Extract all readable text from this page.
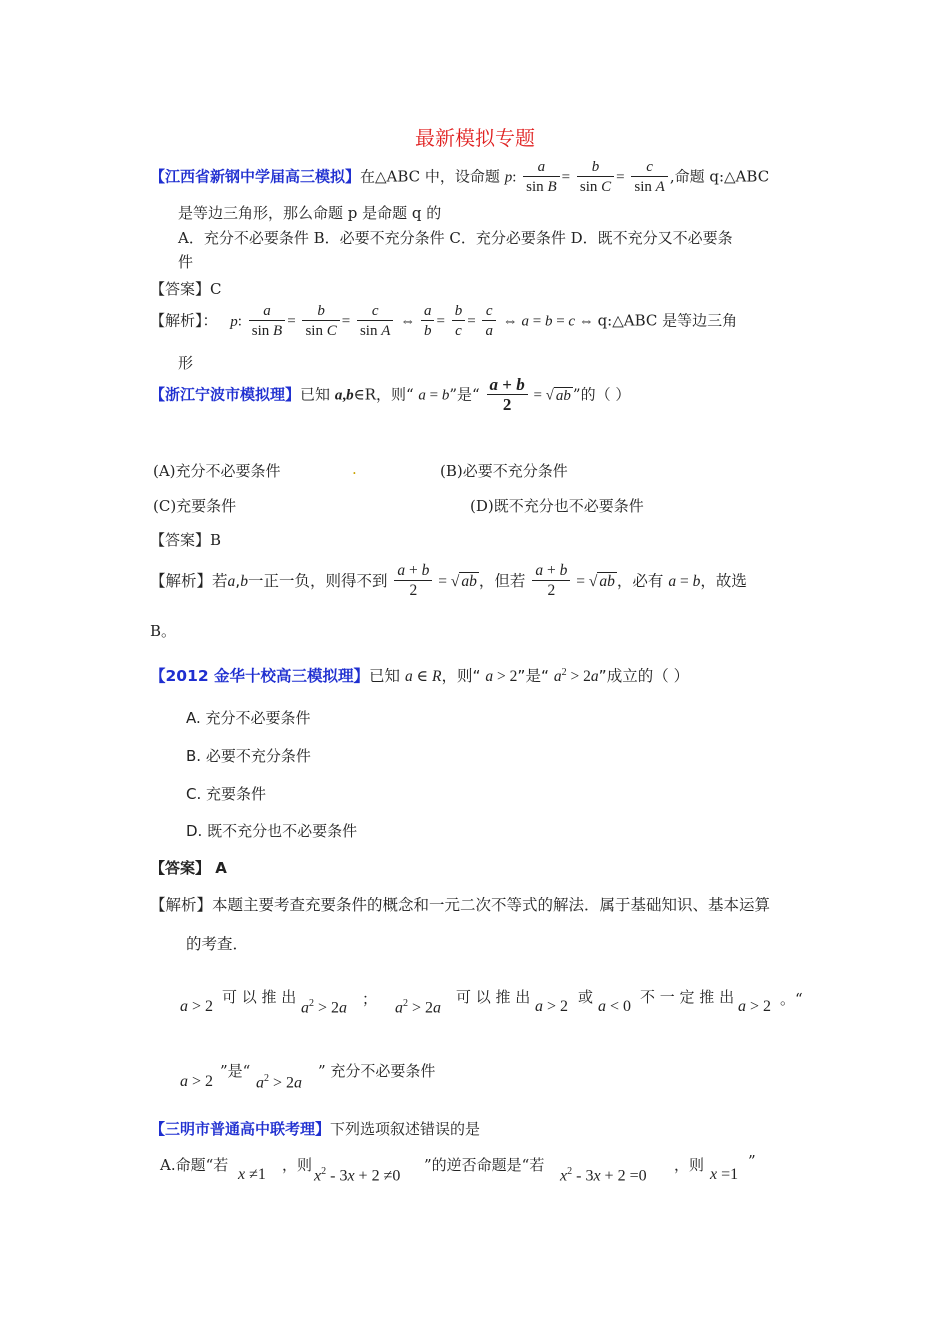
最新模拟专题
【江西省新钢中学届高三模拟】在△ABC 中，设命题 p: $\frac{a}{\text{sin B}} = \frac{b}{\text{sin C}} = \frac{c}{\text{sin A}}$ ,命题 q:△ABC
是等边三角形，那么命题 p 是命题 q 的
A．充分不必要条件 B．必要不充分条件 C．充分必要条件 D．既不充分又不必要条
件
【答案】C
【解析】： p: $\frac{a}{\text{sin B}} = \frac{b}{\text{sin C}} = \frac{c}{\text{sin A}}$ ⇔ $\frac{a}{b} = \frac{b}{c} = \frac{c}{a}$ ⇔ a = b = c ⇔ q:△ABC 是等边三角
形
【浙江宁波市模拟理】已知 a,b∈R，则“ a = b”是“ $\frac{a + b}{2}$ = √ ab ”的（ ）
(A)充分不必要条件	.	(B)必要不充分条件
(C)充要条件	(D)既不充分也不必要条件
【答案】B
【解析】若a,b一正一负，则得不到 $\frac{a + b}{2}$ = √ ab ，但若 $\frac{a + b}{2}$ = √ ab ，必有 a = b，故选
B。
【2012 金华十校高三模拟理】已知 a ∈ R，则“ a > 2”是“ $a^2 > 2a$”成立的（ ）
A. 充分不必要条件
B. 必要不充分条件
C. 充要条件
D. 既不充分也不必要条件
【答案】 A
【解析】本题主要考查充要条件的概念和一元二次不等式的解法．属于基础知识、基本运算
的考查．
a > 2
可 以 推 出
$a^2 > 2a$ ； $a^2 > 2a$
可 以 推 出
a > 2
或
a < 0
不 一 定 推 出
a > 2 。“
a > 2
”是“
$a^2 > 2a$
” 充分不必要条件
【三明市普通高中联考理】下列选项叙述错误的是
A.命题“若
x ≠1
，则
$x^2 - 3x + 2 \ne 0$
”的逆否命题是“若
$x^2 - 3x + 2 =0$
，则
x =1
”
